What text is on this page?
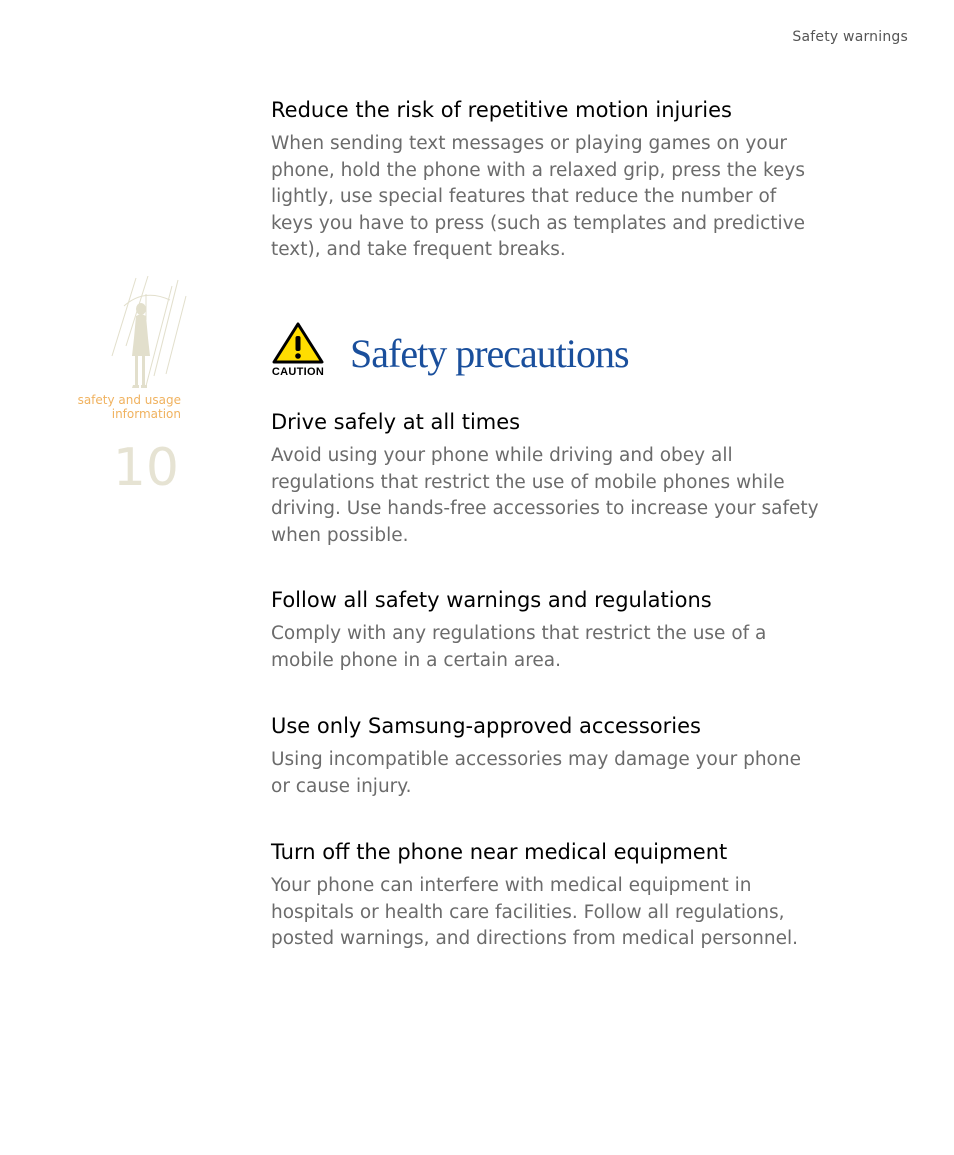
Safety warnings
safety and usage information
10
Reduce the risk of repetitive motion injuries

When sending text messages or playing games on your phone, hold the phone with a relaxed grip, press the keys lightly, use special features that reduce the number of keys you have to press (such as templates and predictive text), and take frequent breaks.

CAUTION Safety precautions
Drive safely at all times

Avoid using your phone while driving and obey all regulations that restrict the use of mobile phones while driving. Use hands-free accessories to increase your safety when possible.

Follow all safety warnings and regulations

Comply with any regulations that restrict the use of a mobile phone in a certain area.

Use only Samsung-approved accessories

Using incompatible accessories may damage your phone or cause injury.

Turn off the phone near medical equipment

Your phone can interfere with medical equipment in hospitals or health care facilities. Follow all regulations, posted warnings, and directions from medical personnel.
